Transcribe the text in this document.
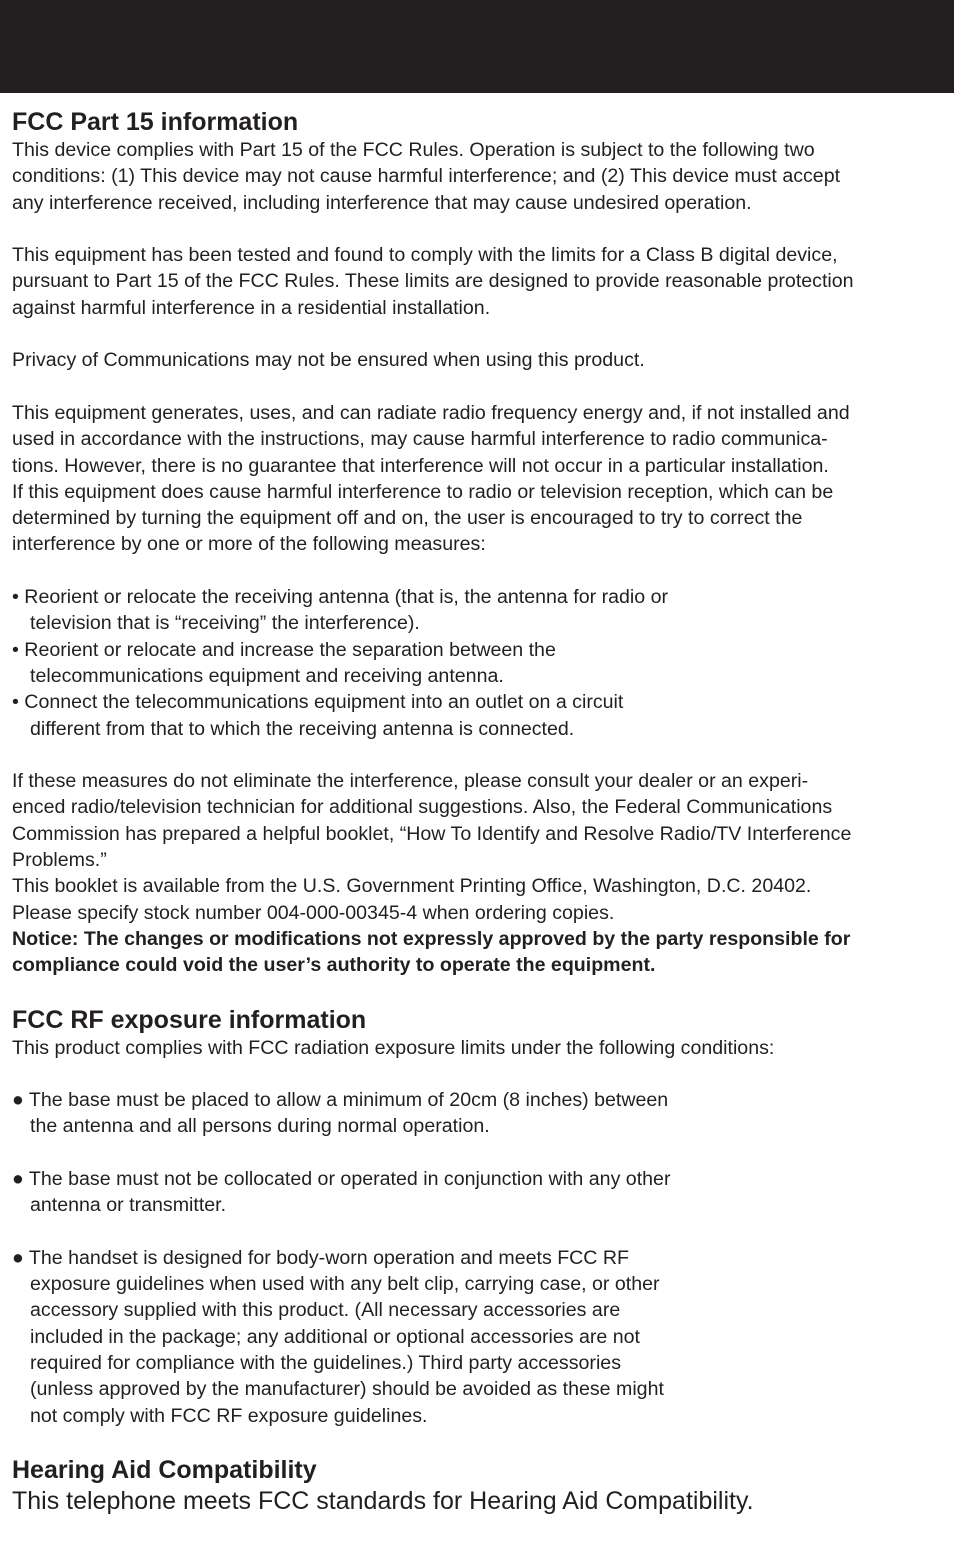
FCC Part 15 information
This device complies with Part 15 of the FCC Rules. Operation is subject to the following two
conditions: (1) This device may not cause harmful interference; and (2) This device must accept
any interference received, including interference that may cause undesired operation.
This equipment has been tested and found to comply with the limits for a Class B digital device,
pursuant to Part 15 of the FCC Rules. These limits are designed to provide reasonable protection
against harmful interference in a residential installation.
Privacy of Communications may not be ensured when using this product.
This equipment generates, uses, and can radiate radio frequency energy and, if not installed and
used in accordance with the instructions, may cause harmful interference to radio communica-
tions. However, there is no guarantee that interference will not occur in a particular installation.
If this equipment does cause harmful interference to radio or television reception, which can be
determined by turning the equipment off and on, the user is encouraged to try to correct the
interference by one or more of the following measures:
• Reorient or relocate the receiving antenna (that is, the antenna for radio or
television that is “receiving” the interference).
• Reorient or relocate and increase the separation between the
telecommunications equipment and receiving antenna.
• Connect the telecommunications equipment into an outlet on a circuit
different from that to which the receiving antenna is connected.
If these measures do not eliminate the interference, please consult your dealer or an experi-
enced radio/television technician for additional suggestions. Also, the Federal Communications
Commission has prepared a helpful booklet, “How To Identify and Resolve Radio/TV Interference
Problems.”
This booklet is available from the U.S. Government Printing Office, Washington, D.C. 20402.
Please specify stock number 004-000-00345-4 when ordering copies.
Notice: The changes or modifications not expressly approved by the party responsible for
compliance could void the user’s authority to operate the equipment.
FCC RF exposure information
This product complies with FCC radiation exposure limits under the following conditions:
● The base must be placed to allow a minimum of 20cm (8 inches) between
the antenna and all persons during normal operation.
● The base must not be collocated or operated in conjunction with any other
antenna or transmitter.
● The handset is designed for body-worn operation and meets FCC RF
exposure guidelines when used with any belt clip, carrying case, or other
accessory supplied with this product. (All necessary accessories are
included in the package; any additional or optional accessories are not
required for compliance with the guidelines.) Third party accessories
(unless approved by the manufacturer) should be avoided as these might
not comply with FCC RF exposure guidelines.
Hearing Aid Compatibility

This telephone meets FCC standards for Hearing Aid Compatibility.
